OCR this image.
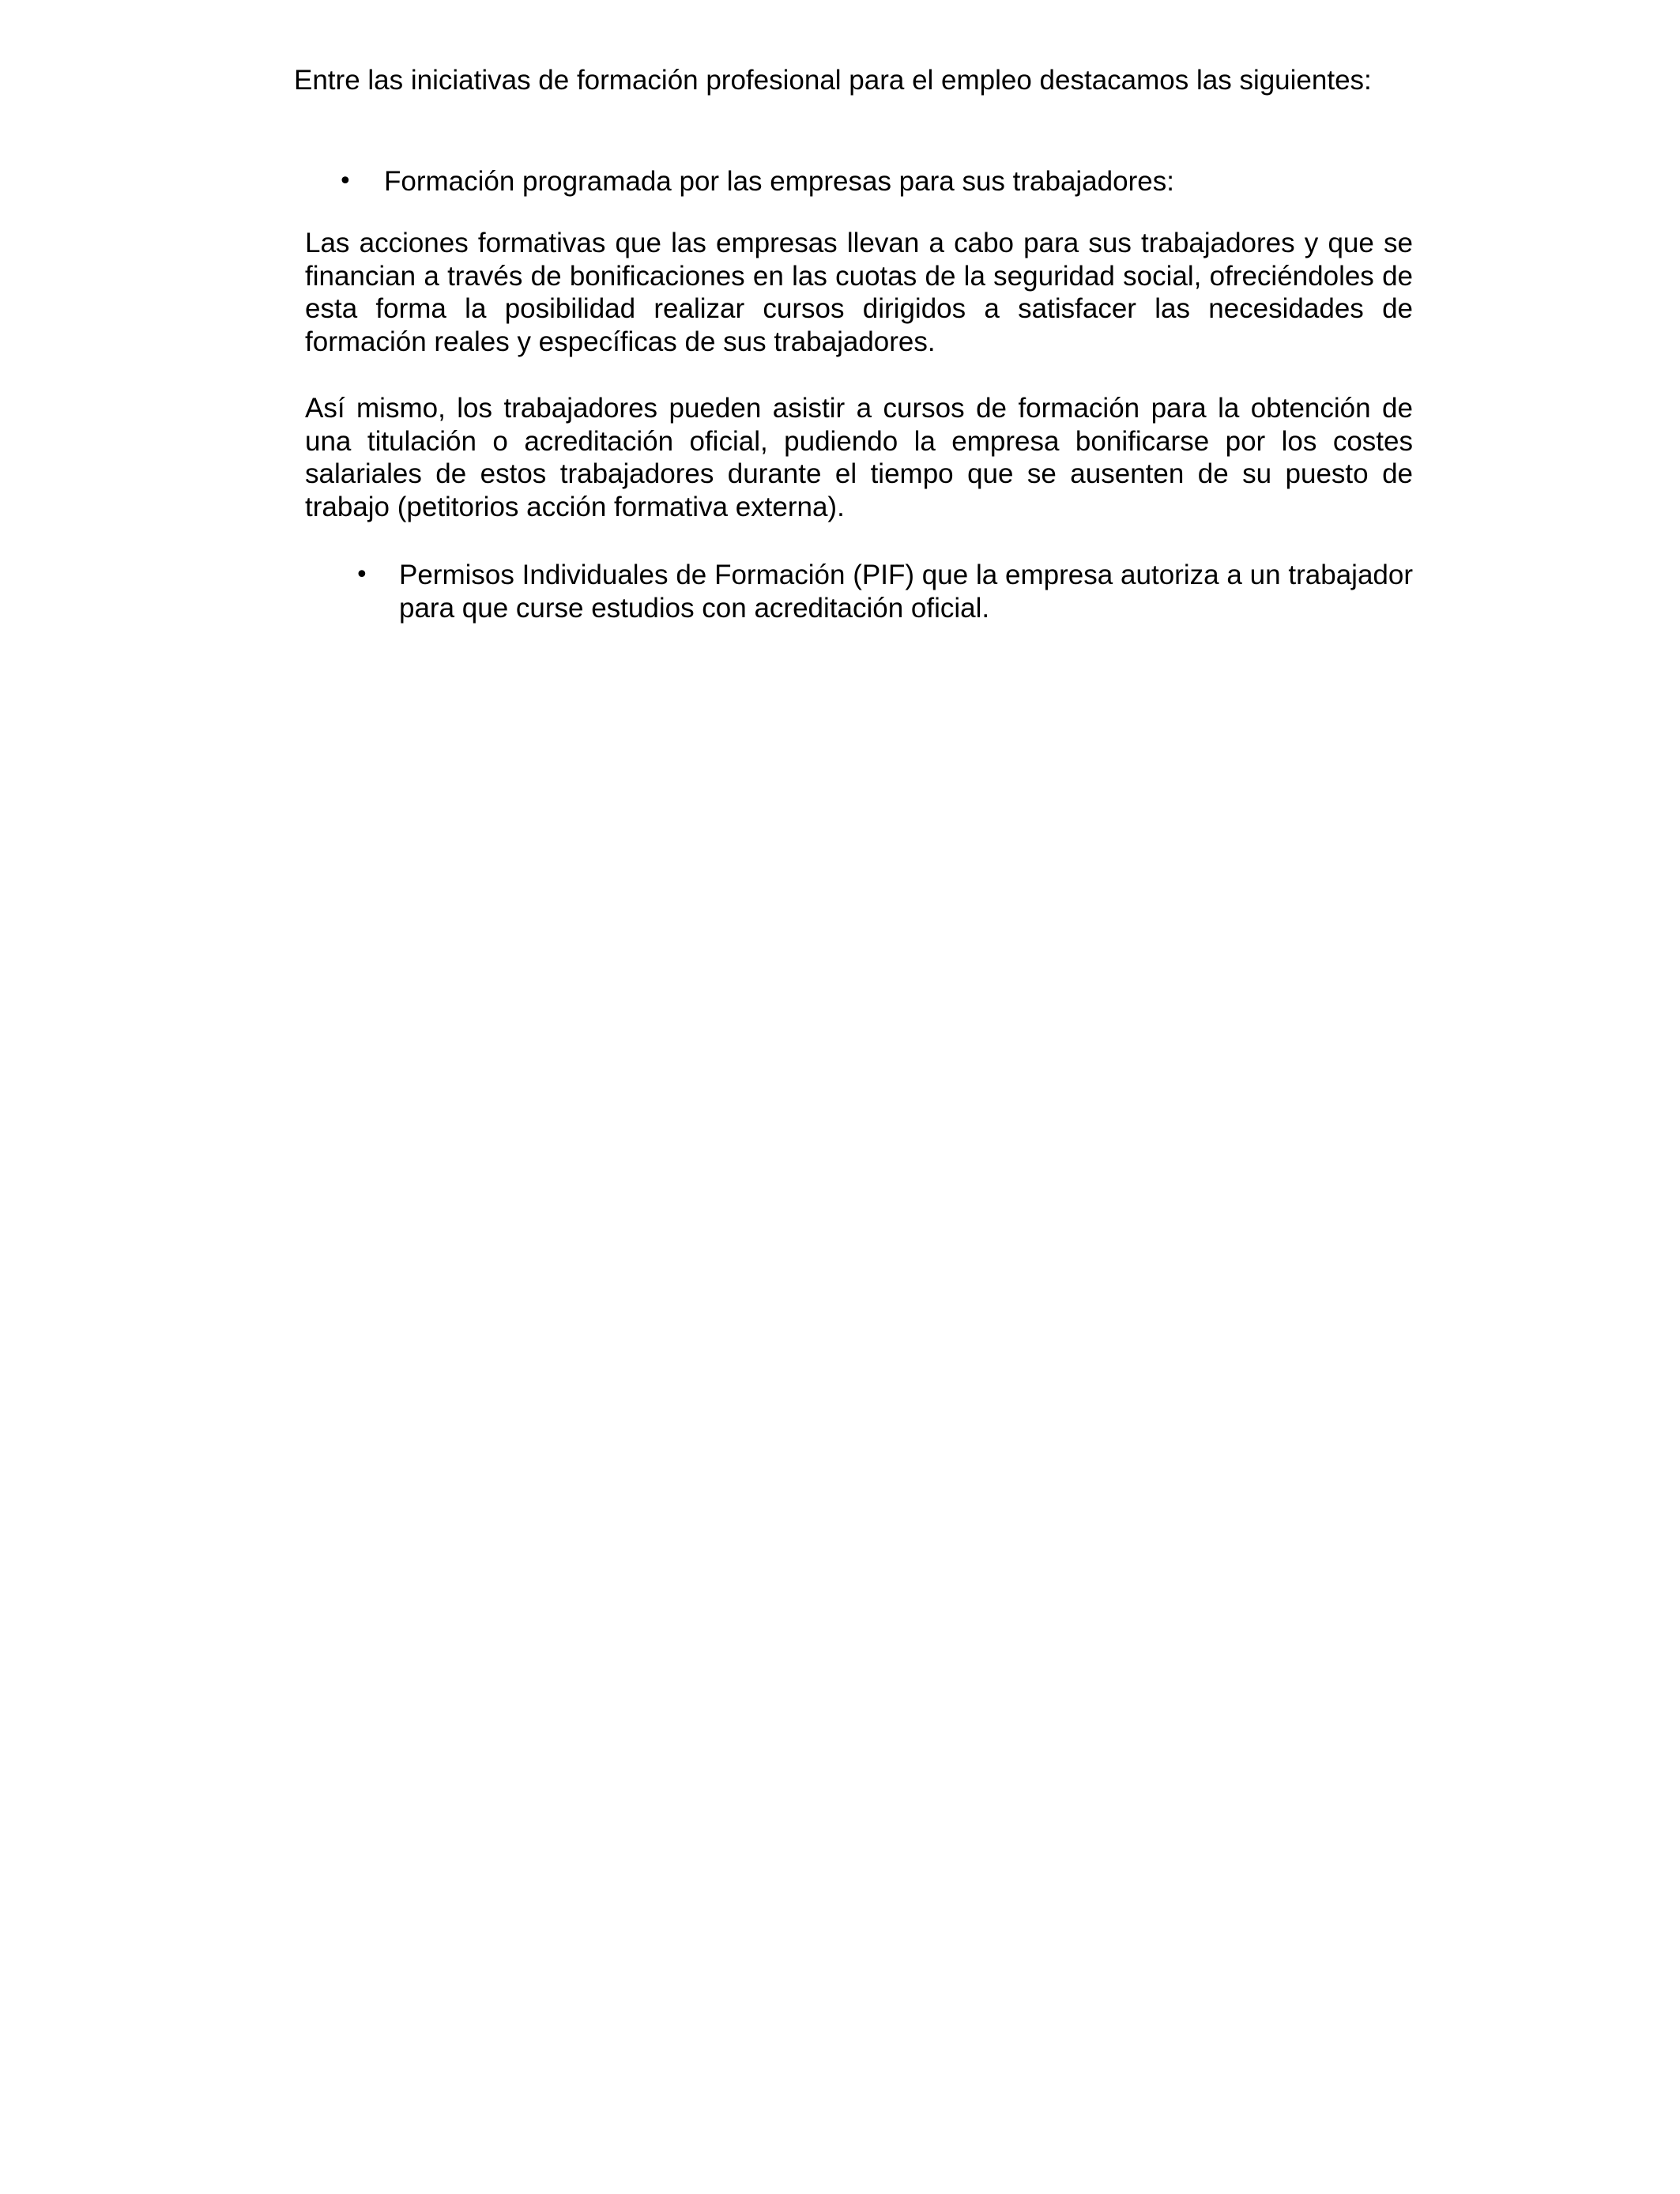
Entre las iniciativas de formación profesional para el empleo destacamos las siguientes:

•	Formación programada por las empresas para sus trabajadores:

Las acciones formativas que las empresas llevan a cabo para sus trabajadores y que se financian a través de bonificaciones en las cuotas de la seguridad social, ofreciéndoles de esta forma la posibilidad realizar cursos dirigidos a satisfacer las necesidades de formación reales y específicas de sus trabajadores.

Así mismo, los trabajadores pueden asistir a cursos de formación para la obtención de una titulación o acreditación oficial, pudiendo la empresa bonificarse por los costes salariales de estos trabajadores durante el tiempo que se ausenten de su puesto de trabajo (petitorios acción formativa externa).

•	Permisos Individuales de Formación (PIF) que la empresa autoriza a un trabajador para que curse estudios con acreditación oficial.
